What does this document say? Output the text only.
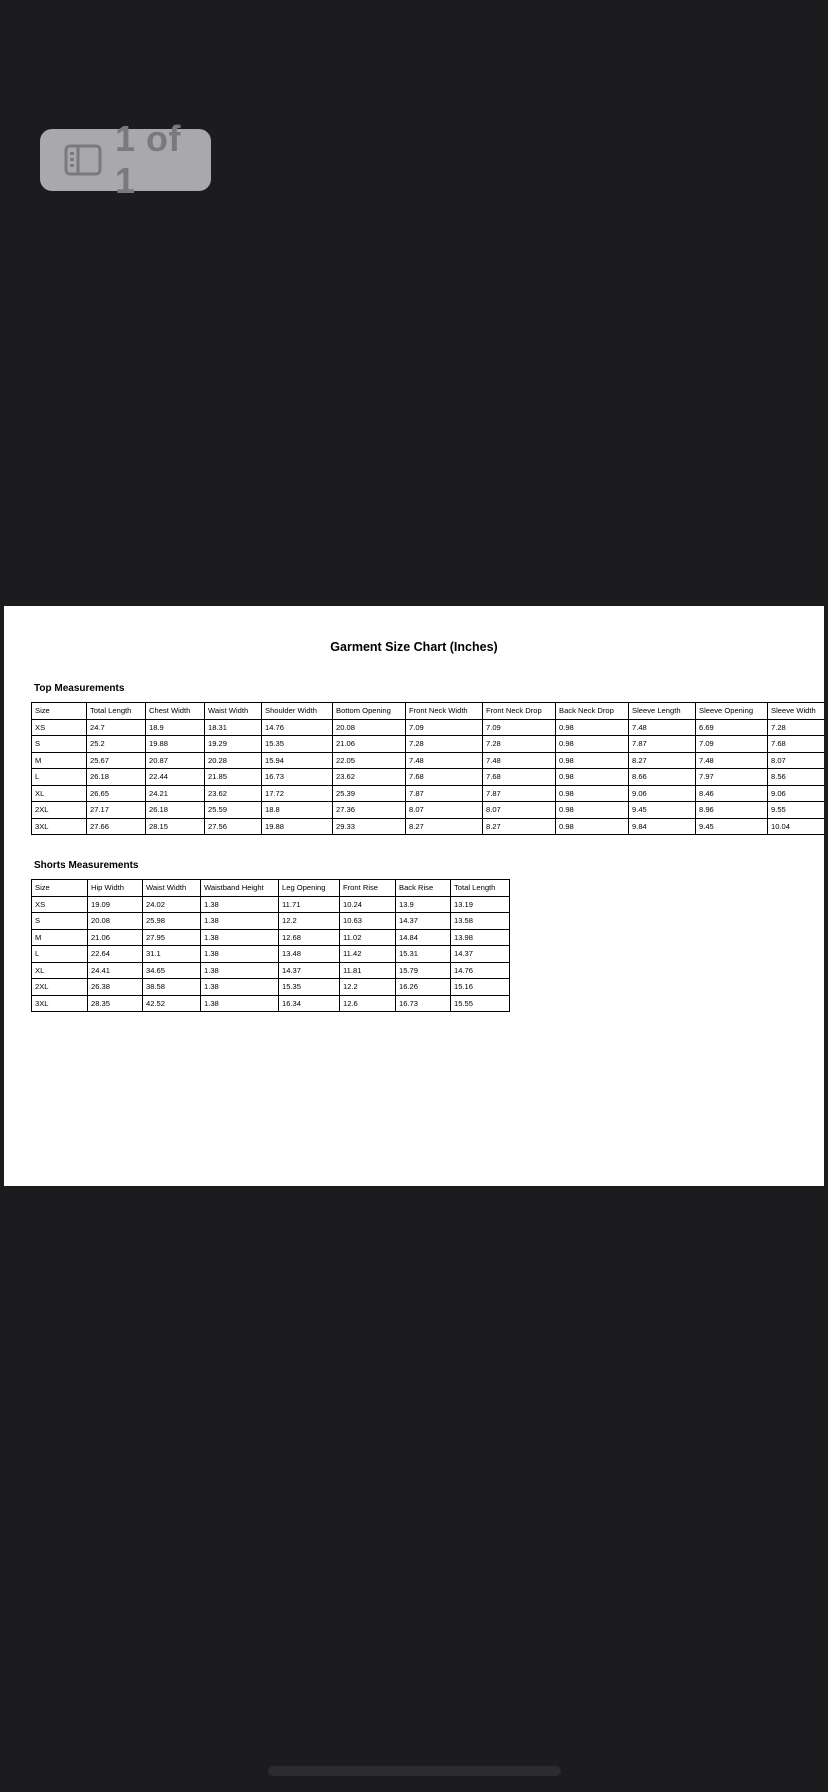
1 of 1
Garment Size Chart (Inches)
Top Measurements
Size	Total Length	Chest Width	Waist Width	Shoulder Width	Bottom Opening	Front Neck Width	Front Neck Drop	Back Neck Drop	Sleeve Length	Sleeve Opening	Sleeve Width
XS	24.7	18.9	18.31	14.76	20.08	7.09	7.09	0.98	7.48	6.69	7.28
S	25.2	19.88	19.29	15.35	21.06	7.28	7.28	0.98	7.87	7.09	7.68
M	25.67	20.87	20.28	15.94	22.05	7.48	7.48	0.98	8.27	7.48	8.07
L	26.18	22.44	21.85	16.73	23.62	7.68	7.68	0.98	8.66	7.97	8.56
XL	26.65	24.21	23.62	17.72	25.39	7.87	7.87	0.98	9.06	8.46	9.06
2XL	27.17	26.18	25.59	18.8	27.36	8.07	8.07	0.98	9.45	8.96	9.55
3XL	27.66	28.15	27.56	19.88	29.33	8.27	8.27	0.98	9.84	9.45	10.04
Shorts Measurements
Size	Hip Width	Waist Width	Waistband Height	Leg Opening	Front Rise	Back Rise	Total Length
XS	19.09	24.02	1.38	11.71	10.24	13.9	13.19
S	20.08	25.98	1.38	12.2	10.63	14.37	13.58
M	21.06	27.95	1.38	12.68	11.02	14.84	13.98
L	22.64	31.1	1.38	13.48	11.42	15.31	14.37
XL	24.41	34.65	1.38	14.37	11.81	15.79	14.76
2XL	26.38	38.58	1.38	15.35	12.2	16.26	15.16
3XL	28.35	42.52	1.38	16.34	12.6	16.73	15.55
